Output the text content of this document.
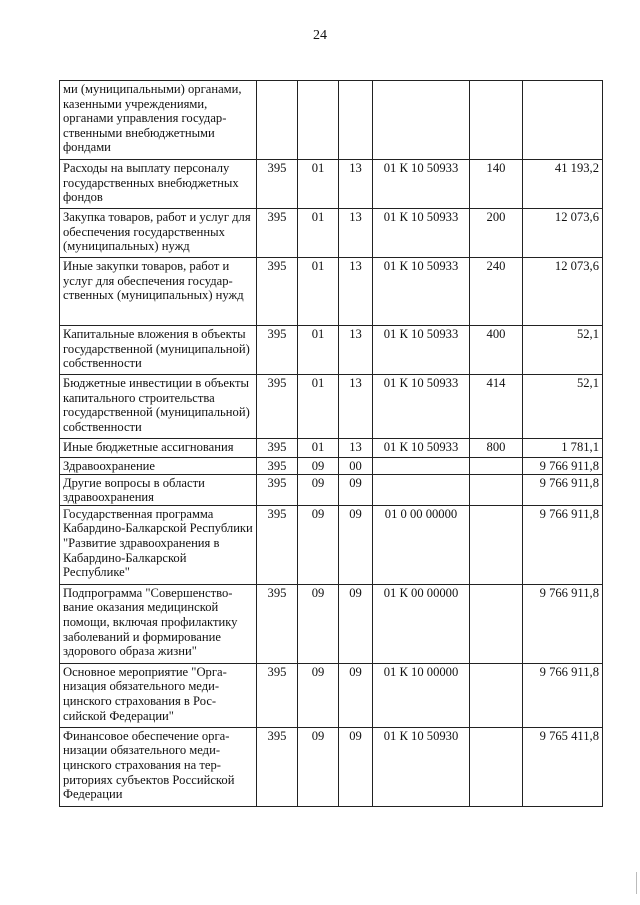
24
ми (муниципальными) органами, казенными учреждениями, органами управления государственными внебюджетными фондами						
Расходы на выплату персоналу государственных внебюджетных фондов	395	01	13	01 К 10 50933	140	41 193,2
Закупка товаров, работ и услуг для обеспечения государственных (муниципальных) нужд	395	01	13	01 К 10 50933	200	12 073,6
Иные закупки товаров, работ и услуг для обеспечения государственных (муниципальных) нужд	395	01	13	01 К 10 50933	240	12 073,6
Капитальные вложения в объекты государственной (муниципальной) собственности	395	01	13	01 К 10 50933	400	52,1
Бюджетные инвестиции в объекты капитального строительства государственной (муниципальной) собственности	395	01	13	01 К 10 50933	414	52,1
Иные бюджетные ассигнования	395	01	13	01 К 10 50933	800	1 781,1
Здравоохранение	395	09	00			9 766 911,8
Другие вопросы в области здравоохранения	395	09	09			9 766 911,8
Государственная программа Кабардино-Балкарской Республики "Развитие здравоохранения в Кабардино-Балкарской Республике"	395	09	09	01 0 00 00000		9 766 911,8
Подпрограмма "Совершенствование оказания медицинской помощи, включая профилактику заболеваний и формирование здорового образа жизни"	395	09	09	01 К 00 00000		9 766 911,8
Основное мероприятие "Организация обязательного медицинского страхования в Российской Федерации"	395	09	09	01 К 10 00000		9 766 911,8
Финансовое обеспечение организации обязательного медицинского страхования на территориях субъектов Российской Федерации	395	09	09	01 К 10 50930		9 765 411,8
